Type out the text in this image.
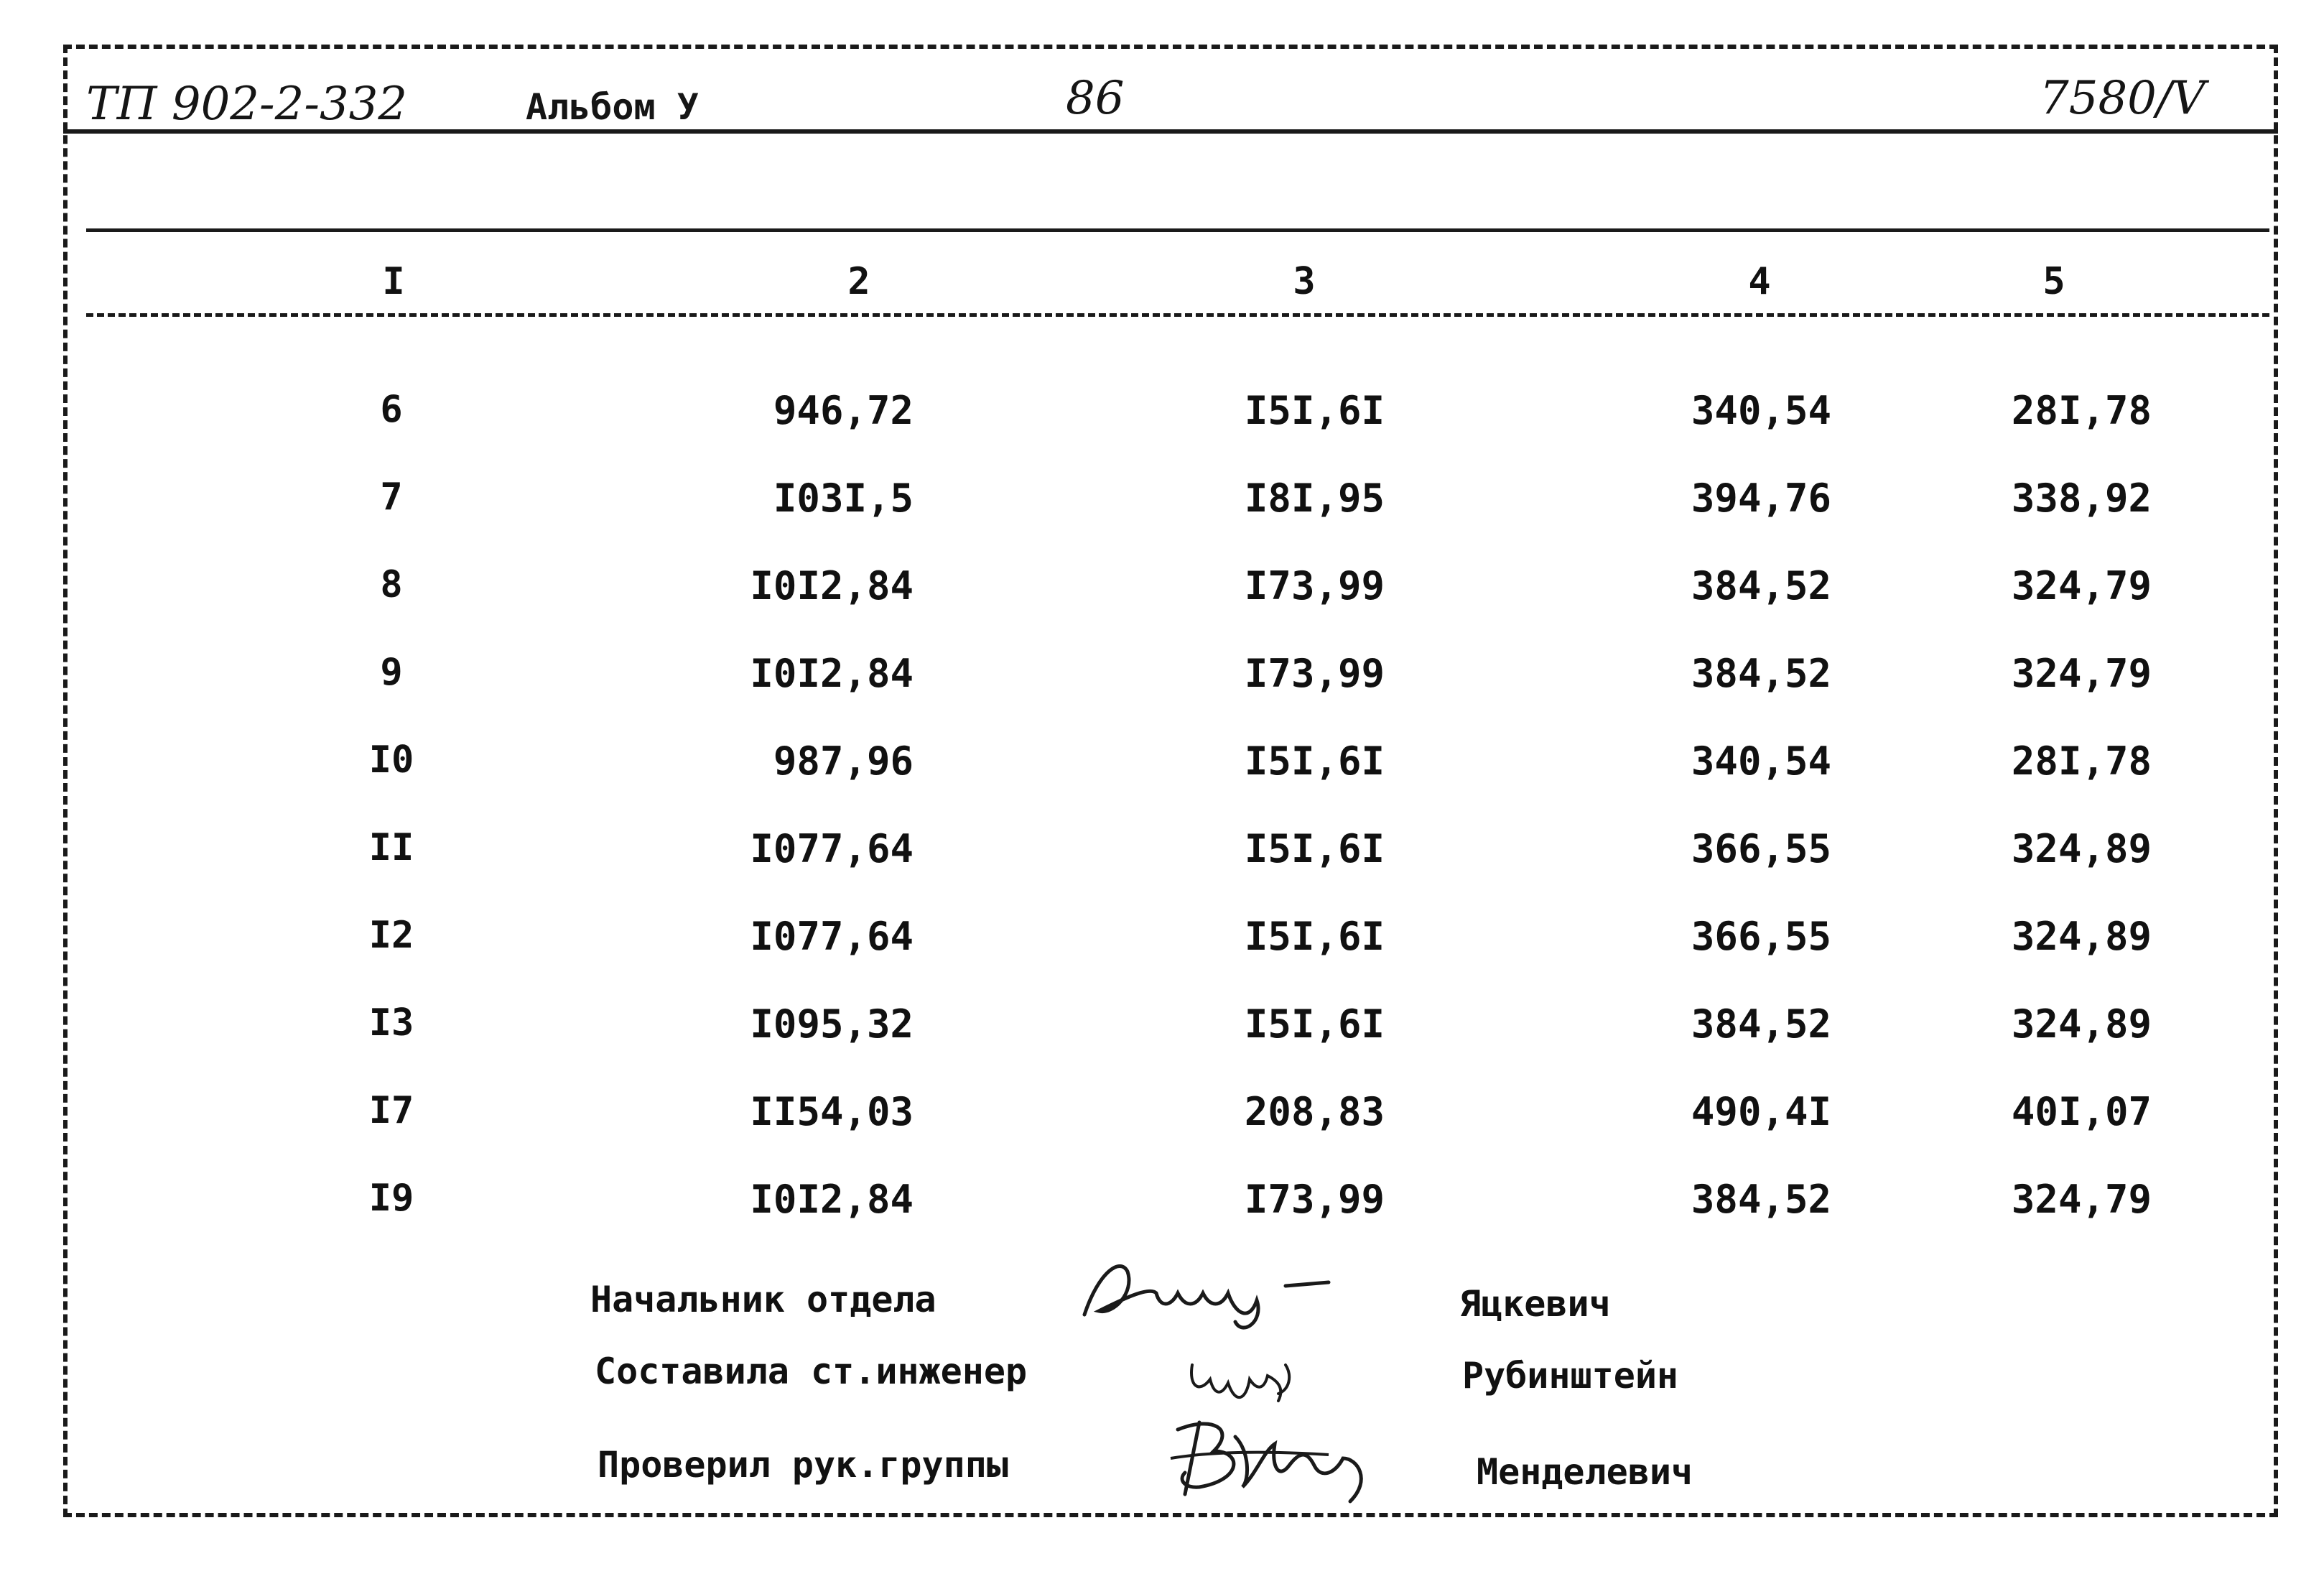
ТП 902-2-332	Альбом У	86	7580/V
I	2	3	4	5
6	946,72	I5I,6I	340,54	28I,78
7	I03I,5	I8I,95	394,76	338,92
8	I0I2,84	I73,99	384,52	324,79
9	I0I2,84	I73,99	384,52	324,79
I0	987,96	I5I,6I	340,54	28I,78
II	I077,64	I5I,6I	366,55	324,89
I2	I077,64	I5I,6I	366,55	324,89
I3	I095,32	I5I,6I	384,52	324,89
I7	II54,03	208,83	490,4I	40I,07
I9	I0I2,84	I73,99	384,52	324,79
Начальник отдела
Составила ст.инженер
Проверил рук.группы
Яцкевич
Рубинштейн
Менделевич
